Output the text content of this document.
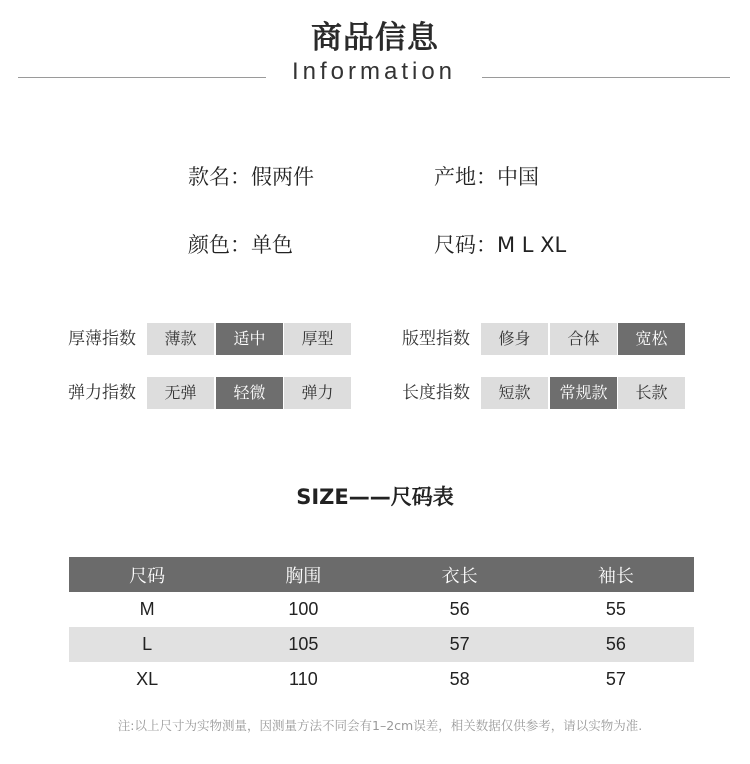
商品信息
Information
款名：假两件	产地：中国
颜色：单色	尺码：M L XL
厚薄指数	薄款	适中	厚型	版型指数	修身	合体	宽松
弹力指数	无弹	轻微	弹力	长度指数	短款	常规款	长款
SIZE——尺码表
尺码	胸围	衣长	袖长
M	100	56	55
L	105	57	56
XL	110	58	57
注:以上尺寸为实物测量，因测量方法不同会有1–2cm误差，相关数据仅供参考，请以实物为准.
